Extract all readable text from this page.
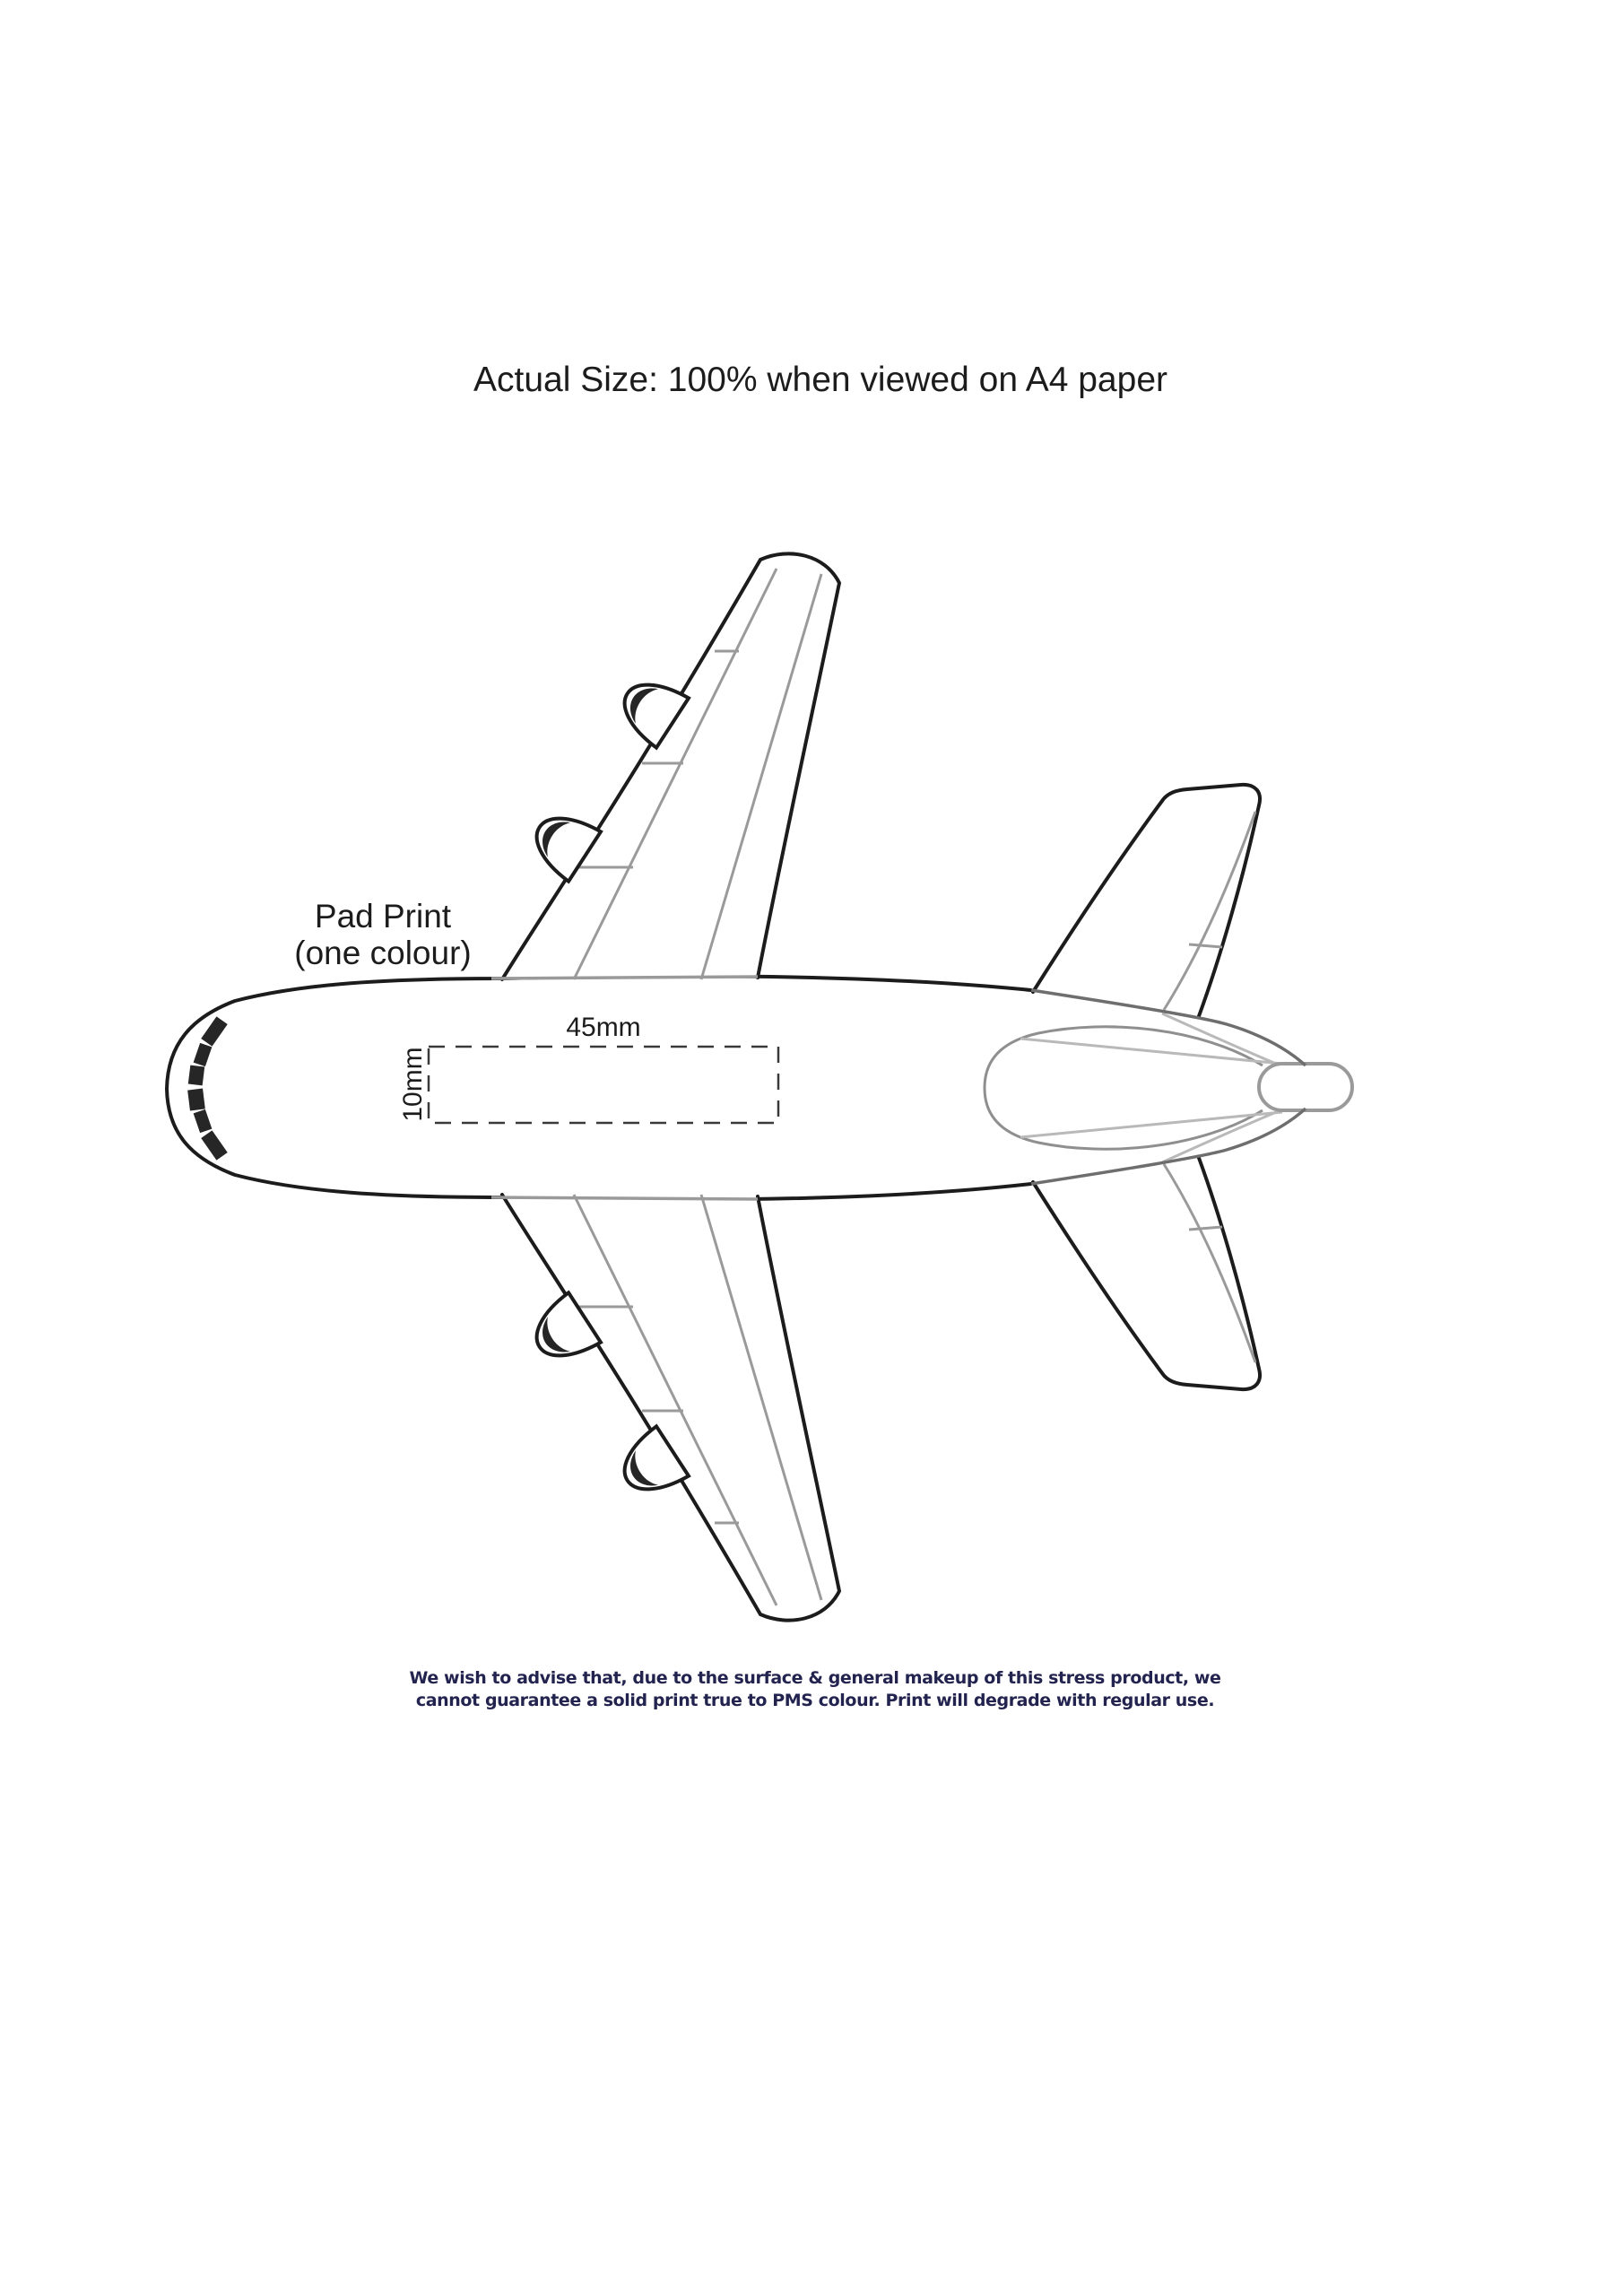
Actual Size: 100% when viewed on A4 paper
Pad Print
(one colour)
45mm
10mm
We wish to advise that, due to the surface & general makeup of this stress product, we
cannot guarantee a solid print true to PMS colour. Print will degrade with regular use.
